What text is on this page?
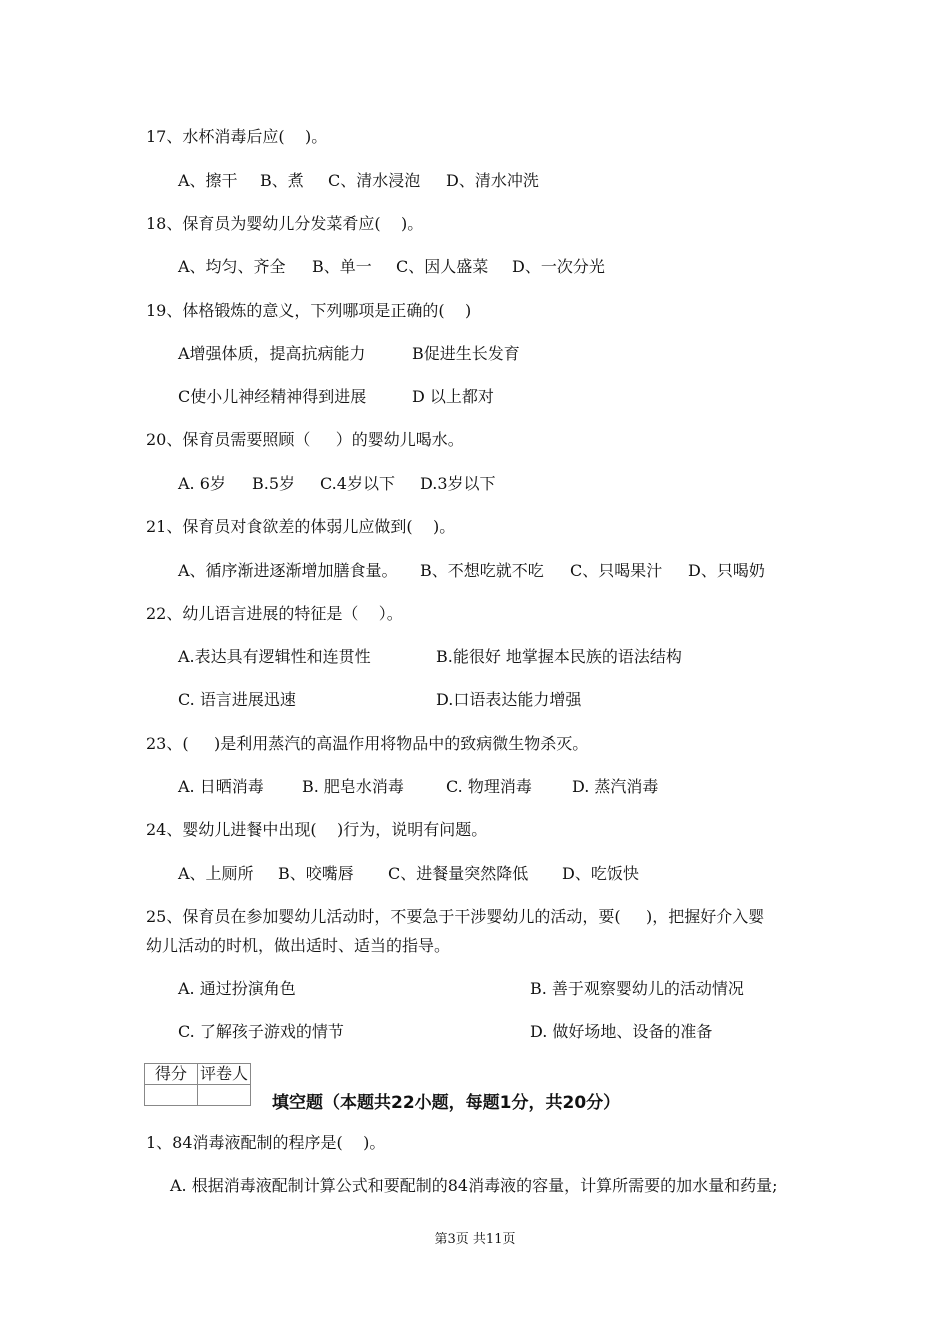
17、水杯消毒后应(    )。
A、擦干 B、煮 C、清水浸泡 D、清水冲洗
18、保育员为婴幼儿分发菜肴应(    )。
A、均匀、齐全 B、单一 C、因人盛菜 D、一次分光
19、体格锻炼的意义，下列哪项是正确的(    )
A增强体质，提高抗病能力	B促进生长发育
C使小儿神经精神得到进展	D 以上都对
20、保育员需要照顾（     ）的婴幼儿喝水。
A. 6岁 B.5岁 C.4岁以下 D.3岁以下
21、保育员对食欲差的体弱儿应做到(    )。
A、循序渐进逐渐增加膳食量。 B、不想吃就不吃 C、只喝果汁 D、只喝奶
22、幼儿语言进展的特征是（    ）。
A.表达具有逻辑性和连贯性	B.能很好 地掌握本民族的语法结构
C. 语言进展迅速	D.口语表达能力增强
23、(     )是利用蒸汽的高温作用将物品中的致病微生物杀灭。
A. 日晒消毒 B. 肥皂水消毒	C. 物理消毒	D. 蒸汽消毒
24、婴幼儿进餐中出现(    )行为，说明有问题。
A、上厕所 B、咬嘴唇 C、进餐量突然降低 D、吃饭快
25、保育员在参加婴幼儿活动时，不要急于干涉婴幼儿的活动，要(     )，把握好介入婴
幼儿活动的时机，做出适时、适当的指导。
A. 通过扮演角色	B. 善于观察婴幼儿的活动情况
C. 了解孩子游戏的情节	D. 做好场地、设备的准备
得分	评卷人

填空题（本题共22小题，每题1分，共20分）
1、84消毒液配制的程序是(    )。
A. 根据消毒液配制计算公式和要配制的84消毒液的容量，计算所需要的加水量和药量;
第3页 共11页
